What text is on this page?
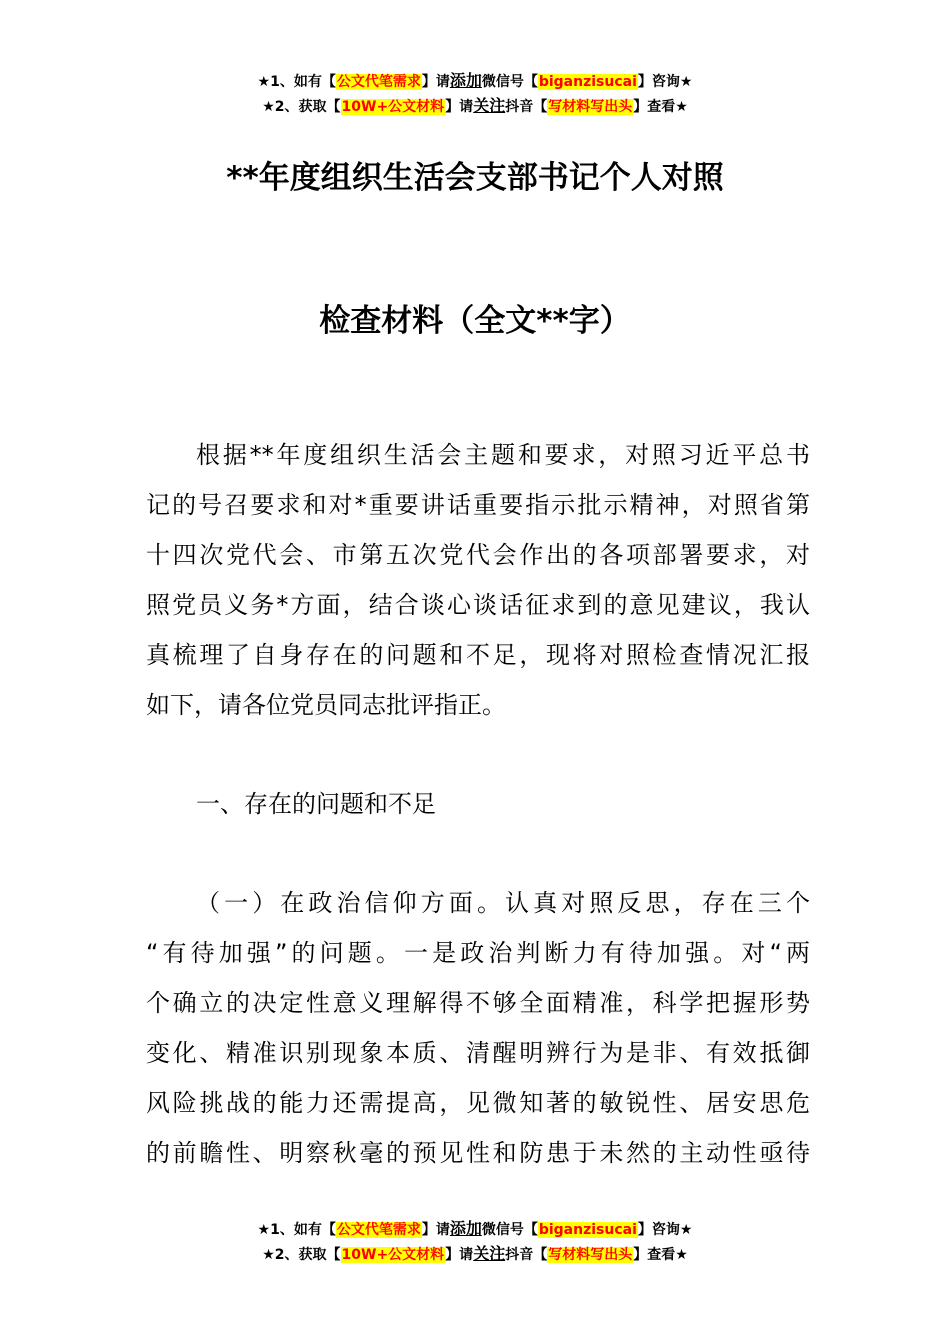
★1、如有【公文代笔需求】请添加微信号【biganzisucai】咨询★
★2、获取【10W+公文材料】请关注抖音【写材料写出头】查看★
**年度组织生活会支部书记个人对照
检查材料（全文**字）
根据**年度组织生活会主题和要求，对照习近平总书
记的号召要求和对*重要讲话重要指示批示精神，对照省第
十四次党代会、市第五次党代会作出的各项部署要求，对
照党员义务*方面，结合谈心谈话征求到的意见建议，我认
真梳理了自身存在的问题和不足，现将对照检查情况汇报
如下，请各位党员同志批评指正。
一、存在的问题和不足
（一）在政治信仰方面。认真对照反思，存在三个
“有待加强”的问题。一是政治判断力有待加强。对“两
个确立的决定性意义理解得不够全面精准，科学把握形势
变化、精准识别现象本质、清醒明辨行为是非、有效抵御
风险挑战的能力还需提高，见微知著的敏锐性、居安思危
的前瞻性、明察秋毫的预见性和防患于未然的主动性亟待
★1、如有【公文代笔需求】请添加微信号【biganzisucai】咨询★
★2、获取【10W+公文材料】请关注抖音【写材料写出头】查看★
